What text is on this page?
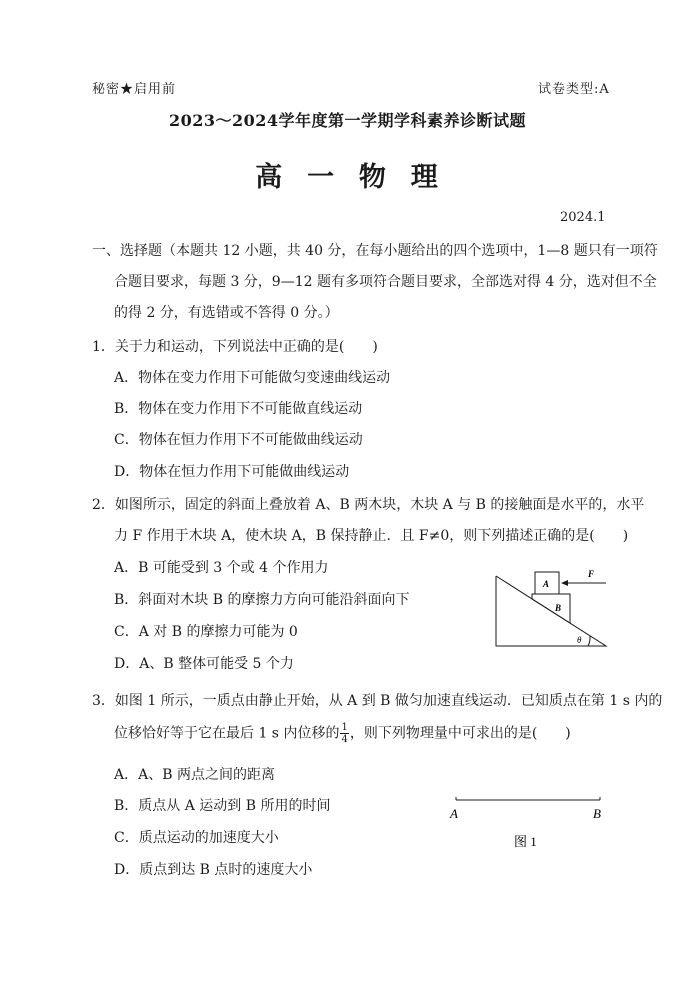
秘密★启用前	试卷类型:A
2023～2024学年度第一学期学科素养诊断试题
高  一  物  理
2024.1
一、选择题（本题共 12 小题，共 40 分，在每小题给出的四个选项中，1—8 题只有一项符
合题目要求，每题 3 分，9—12 题有多项符合题目要求，全部选对得 4 分，选对但不全
的得 2 分，有选错或不答得 0 分。）
1．关于力和运动，下列说法中正确的是(　　)
A．物体在变力作用下可能做匀变速曲线运动
B．物体在变力作用下不可能做直线运动
C．物体在恒力作用下不可能做曲线运动
D．物体在恒力作用下可能做曲线运动
2．如图所示，固定的斜面上叠放着 A、B 两木块，木块 A 与 B 的接触面是水平的，水平
力 F 作用于木块 A，使木块 A，B 保持静止．且 F≠0，则下列描述正确的是(　　)
A．B 可能受到 3 个或 4 个作用力
B．斜面对木块 B 的摩擦力方向可能沿斜面向下
C．A 对 B 的摩擦力可能为 0
D．A、B 整体可能受 5 个力
A
B
F
θ
3．如图 1 所示，一质点由静止开始，从 A 到 B 做匀加速直线运动．已知质点在第 1 s 内的
位移恰好等于它在最后 1 s 内位移的 $\frac{1}{4}$ ，则下列物理量中可求出的是(　　)
A．A、B 两点之间的距离
B．质点从 A 运动到 B 所用的时间
C．质点运动的加速度大小
D．质点到达 B 点时的速度大小
A	B
图 1
